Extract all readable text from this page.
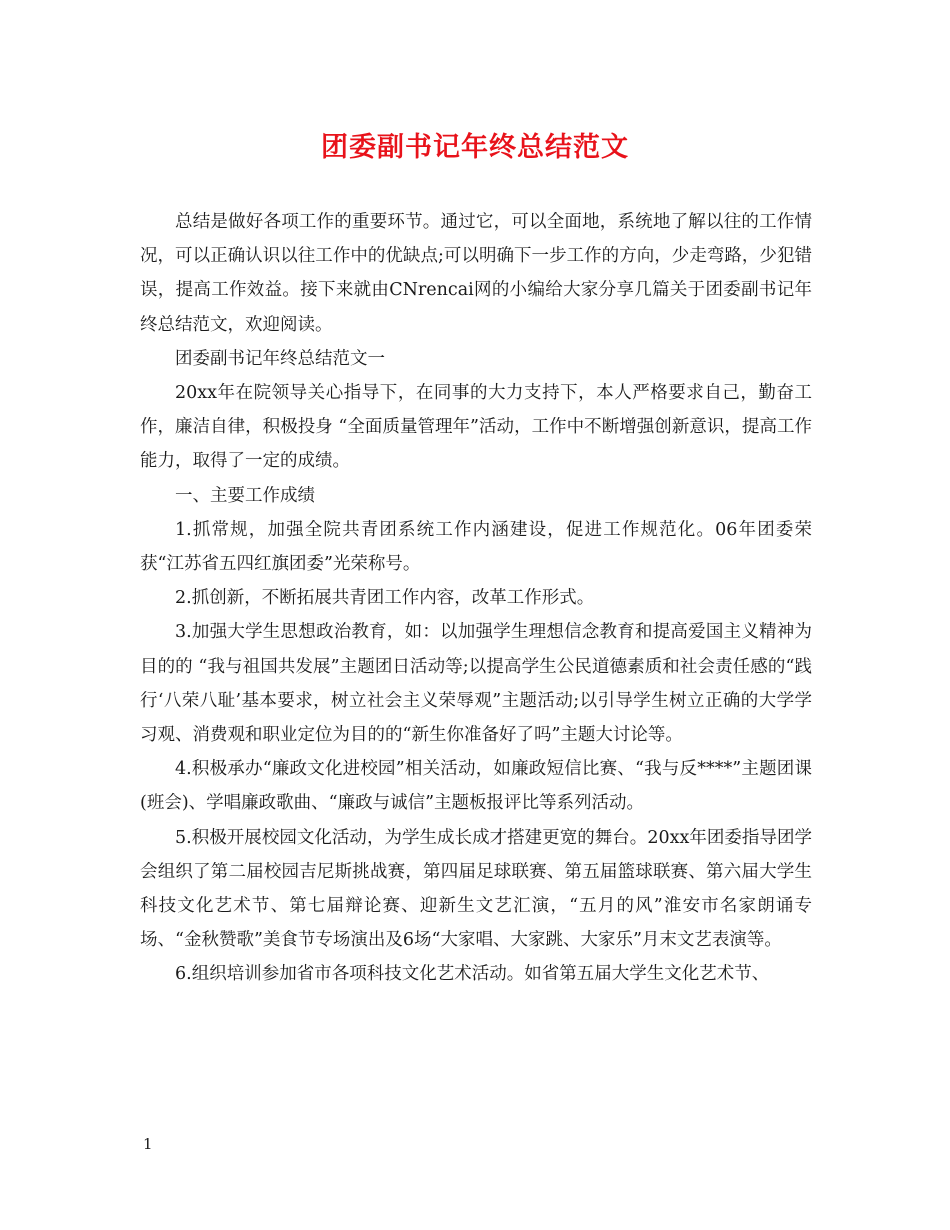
团委副书记年终总结范文

总结是做好各项工作的重要环节。通过它，可以全面地，系统地了解以往的工作情况，可以正确认识以往工作中的优缺点;可以明确下一步工作的方向，少走弯路，少犯错误，提高工作效益。接下来就由CNrencai网的小编给大家分享几篇关于团委副书记年终总结范文，欢迎阅读。

团委副书记年终总结范文一

20xx年在院领导关心指导下，在同事的大力支持下，本人严格要求自己，勤奋工作，廉洁自律，积极投身 “全面质量管理年”活动，工作中不断增强创新意识，提高工作能力，取得了一定的成绩。

一、主要工作成绩

1.抓常规，加强全院共青团系统工作内涵建设，促进工作规范化。06年团委荣获“江苏省五四红旗团委”光荣称号。

2.抓创新，不断拓展共青团工作内容，改革工作形式。

3.加强大学生思想政治教育，如：以加强学生理想信念教育和提高爱国主义精神为目的的 “我与祖国共发展”主题团日活动等;以提高学生公民道德素质和社会责任感的“践行‘八荣八耻’基本要求，树立社会主义荣辱观”主题活动;以引导学生树立正确的大学学习观、消费观和职业定位为目的的“新生你准备好了吗”主题大讨论等。

4.积极承办“廉政文化进校园”相关活动，如廉政短信比赛、“我与反****”主题团课(班会)、学唱廉政歌曲、“廉政与诚信”主题板报评比等系列活动。

5.积极开展校园文化活动，为学生成长成才搭建更宽的舞台。20xx年团委指导团学会组织了第二届校园吉尼斯挑战赛，第四届足球联赛、第五届篮球联赛、第六届大学生科技文化艺术节、第七届辩论赛、迎新生文艺汇演，“五月的风”淮安市名家朗诵专场、“金秋赞歌”美食节专场演出及6场“大家唱、大家跳、大家乐”月末文艺表演等。

6.组织培训参加省市各项科技文化艺术活动。如省第五届大学生文化艺术节、

1
